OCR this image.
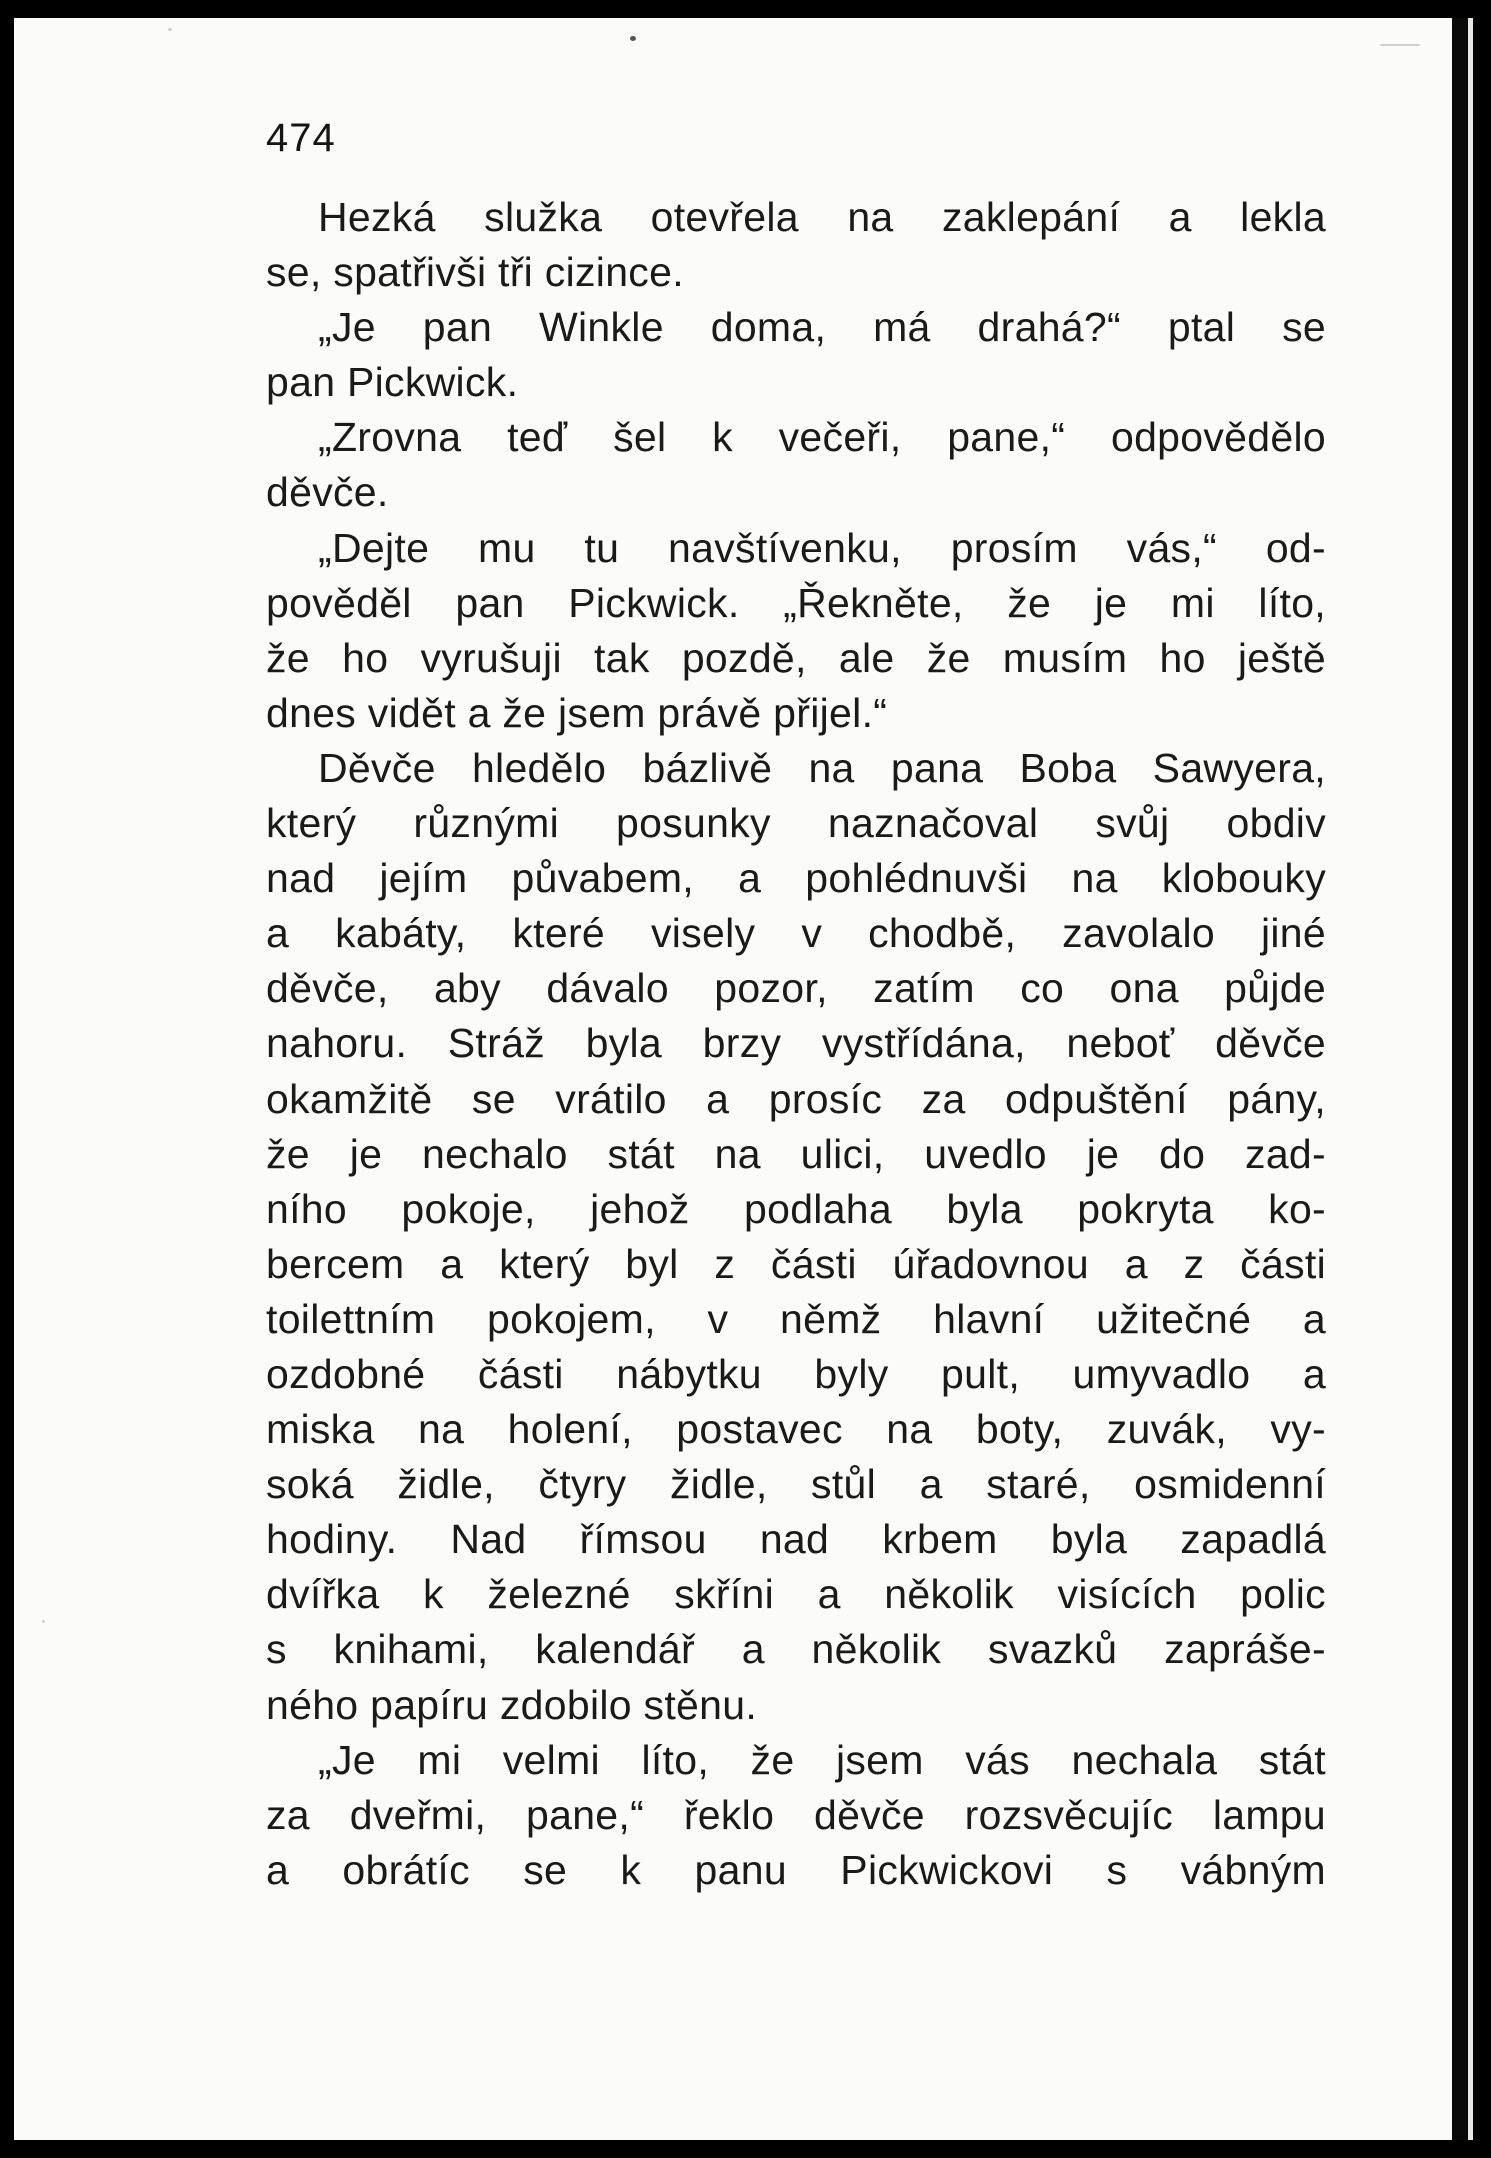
474
Hezká služka otevřela na zaklepání a lekla
se, spatřivši tři cizince.
„Je pan Winkle doma, má drahá?“ ptal se
pan Pickwick.
„Zrovna teď šel k večeři, pane,“ odpovědělo
děvče.
„Dejte mu tu navštívenku, prosím vás,“ od-
pověděl pan Pickwick. „Řekněte, že je mi líto,
že ho vyrušuji tak pozdě, ale že musím ho ještě
dnes vidět a že jsem právě přijel.“
Děvče hledělo bázlivě na pana Boba Sawyera,
který různými posunky naznačoval svůj obdiv
nad jejím půvabem, a pohlédnuvši na klobouky
a kabáty, které visely v chodbě, zavolalo jiné
děvče, aby dávalo pozor, zatím co ona půjde
nahoru. Stráž byla brzy vystřídána, neboť děvče
okamžitě se vrátilo a prosíc za odpuštění pány,
že je nechalo stát na ulici, uvedlo je do zad-
ního pokoje, jehož podlaha byla pokryta ko-
bercem a který byl z části úřadovnou a z části
toilettním pokojem, v němž hlavní užitečné a
ozdobné části nábytku byly pult, umyvadlo a
miska na holení, postavec na boty, zuvák, vy-
soká židle, čtyry židle, stůl a staré, osmidenní
hodiny. Nad římsou nad krbem byla zapadlá
dvířka k železné skříni a několik visících polic
s knihami, kalendář a několik svazků zapráše-
ného papíru zdobilo stěnu.
„Je mi velmi líto, že jsem vás nechala stát
za dveřmi, pane,“ řeklo děvče rozsvěcujíc lampu
a obrátíc se k panu Pickwickovi s vábným
